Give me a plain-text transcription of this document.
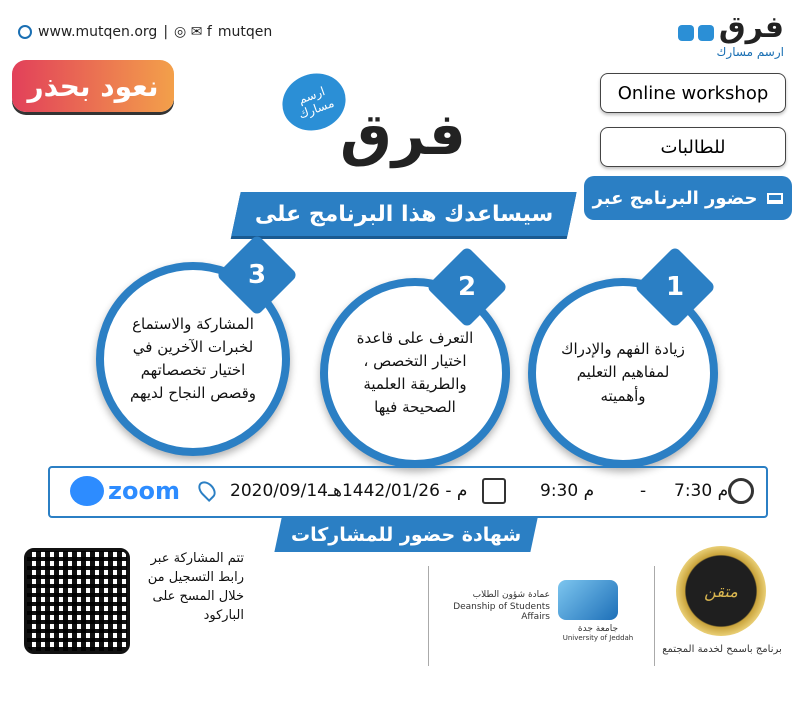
www.mutqen.org | ◎ ✉ f mutqen	فرق
ارسم مسارك
نعود بحذر	ارسم مسارك فرق
Online workshop
للطالبات
حضور البرنامج عبر
سيساعدك هذا البرنامج على
زيادة الفهم والإدراك لمفاهيم التعليم وأهميته
التعرف على قاعدة اختيار التخصص ، والطريقة العلمية الصحيحة فيها
المشاركة والاستماع لخبرات الآخرين في اختيار تخصصاتهم وقصص النجاح لديهم
1
2
3
zoom	2020/09/14م - 1442/01/26هـ	9:30 م	- 7:30 م
شهادة حضور للمشاركات
تتم المشاركة عبر رابط التسجيل من خلال المسح على الباركود
عمادة شؤون الطلاب
Deanship of Students Affairs
جامعة جدة
University of Jeddah
متقن
برنامج باسمح لخدمة المجتمع
